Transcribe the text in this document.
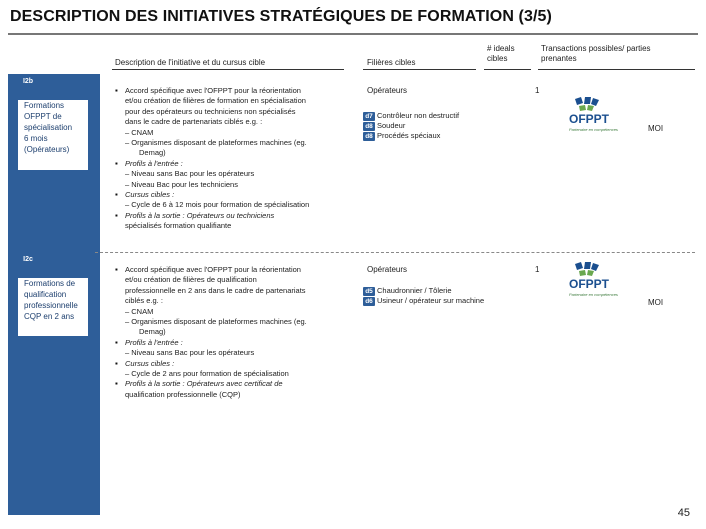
DESCRIPTION DES INITIATIVES STRATÉGIQUES DE FORMATION (3/5)
Description de l'initiative et du cursus cible	Filières cibles
# ideals
cibles
Transactions possibles/ parties
prenantes
I2b
Formations
OFPPT de
spécialisation
6 mois
(Opérateurs)
▪ Accord spécifique avec l'OFPPT pour la réorientation
et/ou création de filières de formation en spécialisation
pour des opérateurs ou techniciens non spécialisés
dans le cadre de partenariats ciblés e.g. :
– CNAM
– Organismes disposant de plateformes machines (eg.
Demag)
▪ Profils à l'entrée :
– Niveau sans Bac pour les opérateurs
– Niveau Bac pour les techniciens
▪ Cursus cibles :
– Cycle de 6 à 12 mois pour formation de spécialisation
▪ Profils à la sortie : Opérateurs ou techniciens
spécialisés formation qualifiante
Opérateurs
d7 Contrôleur non destructif
d8 Soudeur
d8 Procédés spéciaux
1
OFPPT
Partenaire en compétences	MOI
I2c
Formations de
qualification
professionnelle
CQP en 2 ans
▪ Accord spécifique avec l'OFPPT pour la réorientation
et/ou création de filières de qualification
professionnelle en 2 ans dans le cadre de partenariats
ciblés e.g. :
– CNAM
– Organismes disposant de plateformes machines (eg.
Demag)
▪ Profils à l'entrée :
– Niveau sans Bac pour les opérateurs
▪ Cursus cibles :
– Cycle de 2 ans pour formation de spécialisation
▪ Profils à la sortie : Opérateurs avec certificat de
qualification professionnelle (CQP)
Opérateurs
d5 Chaudronnier / Tôlerie
d6 Usineur / opérateur sur machine
1
OFPPT
Partenaire en compétences
MOI
45
